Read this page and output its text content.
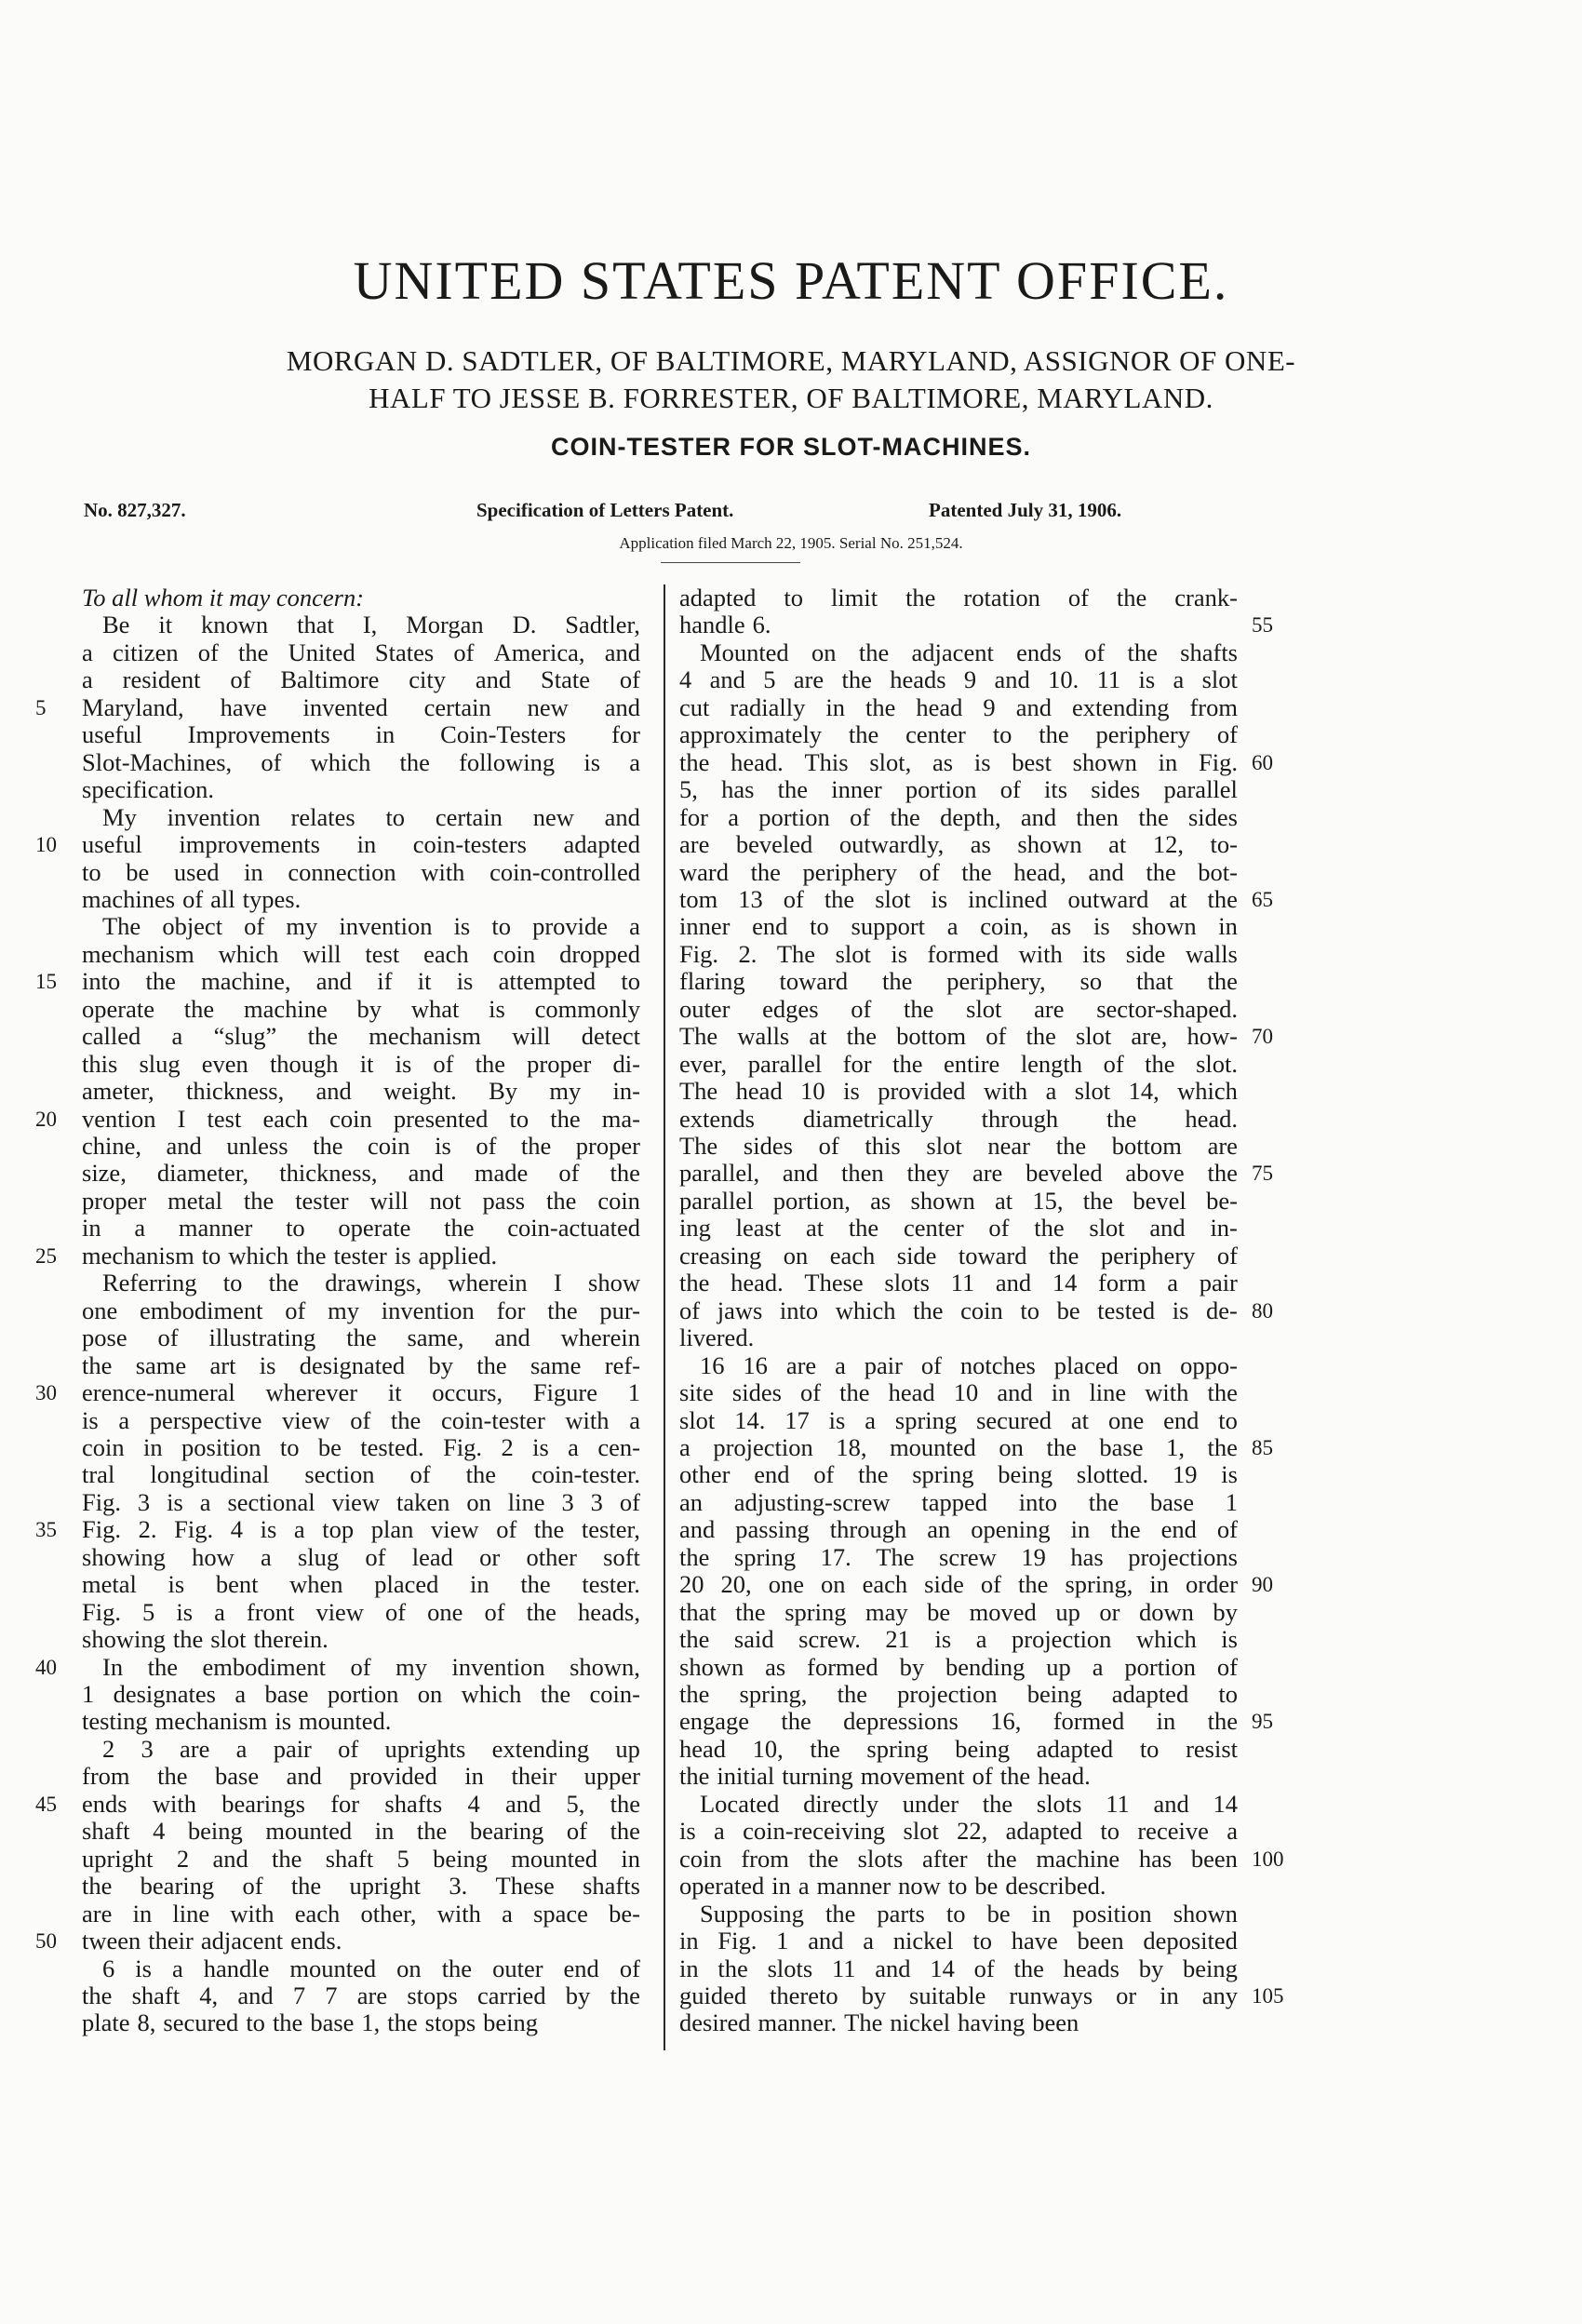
UNITED STATES PATENT OFFICE.
MORGAN D. SADTLER, OF BALTIMORE, MARYLAND, ASSIGNOR OF ONE-
HALF TO JESSE B. FORRESTER, OF BALTIMORE, MARYLAND.
COIN-TESTER FOR SLOT-MACHINES.
No. 827,327.	Specification of Letters Patent.	Patented July 31, 1906.
Application filed March 22, 1905. Serial No. 251,524.
To all whom it may concern:
Be it known that I, Morgan D. Sadtler,
a citizen of the United States of America, and
a resident of Baltimore city and State of
Maryland, have invented certain new and
useful Improvements in Coin-Testers for
Slot-Machines, of which the following is a
specification.
My invention relates to certain new and
useful improvements in coin-testers adapted
to be used in connection with coin-controlled
machines of all types.
The object of my invention is to provide a
mechanism which will test each coin dropped
into the machine, and if it is attempted to
operate the machine by what is commonly
called a “slug” the mechanism will detect
this slug even though it is of the proper di-
ameter, thickness, and weight. By my in-
vention I test each coin presented to the ma-
chine, and unless the coin is of the proper
size, diameter, thickness, and made of the
proper metal the tester will not pass the coin
in a manner to operate the coin-actuated
mechanism to which the tester is applied.
Referring to the drawings, wherein I show
one embodiment of my invention for the pur-
pose of illustrating the same, and wherein
the same art is designated by the same ref-
erence-numeral wherever it occurs, Figure 1
is a perspective view of the coin-tester with a
coin in position to be tested. Fig. 2 is a cen-
tral longitudinal section of the coin-tester.
Fig. 3 is a sectional view taken on line 3 3 of
Fig. 2. Fig. 4 is a top plan view of the tester,
showing how a slug of lead or other soft
metal is bent when placed in the tester.
Fig. 5 is a front view of one of the heads,
showing the slot therein.
In the embodiment of my invention shown,
1 designates a base portion on which the coin-
testing mechanism is mounted.
2 3 are a pair of uprights extending up
from the base and provided in their upper
ends with bearings for shafts 4 and 5, the
shaft 4 being mounted in the bearing of the
upright 2 and the shaft 5 being mounted in
the bearing of the upright 3. These shafts
are in line with each other, with a space be-
tween their adjacent ends.
6 is a handle mounted on the outer end of
the shaft 4, and 7 7 are stops carried by the
plate 8, secured to the base 1, the stops being
adapted to limit the rotation of the crank-
handle 6.
Mounted on the adjacent ends of the shafts
4 and 5 are the heads 9 and 10. 11 is a slot
cut radially in the head 9 and extending from
approximately the center to the periphery of
the head. This slot, as is best shown in Fig.
5, has the inner portion of its sides parallel
for a portion of the depth, and then the sides
are beveled outwardly, as shown at 12, to-
ward the periphery of the head, and the bot-
tom 13 of the slot is inclined outward at the
inner end to support a coin, as is shown in
Fig. 2. The slot is formed with its side walls
flaring toward the periphery, so that the
outer edges of the slot are sector-shaped.
The walls at the bottom of the slot are, how-
ever, parallel for the entire length of the slot.
The head 10 is provided with a slot 14, which
extends diametrically through the head.
The sides of this slot near the bottom are
parallel, and then they are beveled above the
parallel portion, as shown at 15, the bevel be-
ing least at the center of the slot and in-
creasing on each side toward the periphery of
the head. These slots 11 and 14 form a pair
of jaws into which the coin to be tested is de-
livered.
16 16 are a pair of notches placed on oppo-
site sides of the head 10 and in line with the
slot 14. 17 is a spring secured at one end to
a projection 18, mounted on the base 1, the
other end of the spring being slotted. 19 is
an adjusting-screw tapped into the base 1
and passing through an opening in the end of
the spring 17. The screw 19 has projections
20 20, one on each side of the spring, in order
that the spring may be moved up or down by
the said screw. 21 is a projection which is
shown as formed by bending up a portion of
the spring, the projection being adapted to
engage the depressions 16, formed in the
head 10, the spring being adapted to resist
the initial turning movement of the head.
Located directly under the slots 11 and 14
is a coin-receiving slot 22, adapted to receive a
coin from the slots after the machine has been
operated in a manner now to be described.
Supposing the parts to be in position shown
in Fig. 1 and a nickel to have been deposited
in the slots 11 and 14 of the heads by being
guided thereto by suitable runways or in any
desired manner. The nickel having been
5
10
15
20
25
30
35
40
45
50
55
60
65
70
75
80
85
90
95
100
105
